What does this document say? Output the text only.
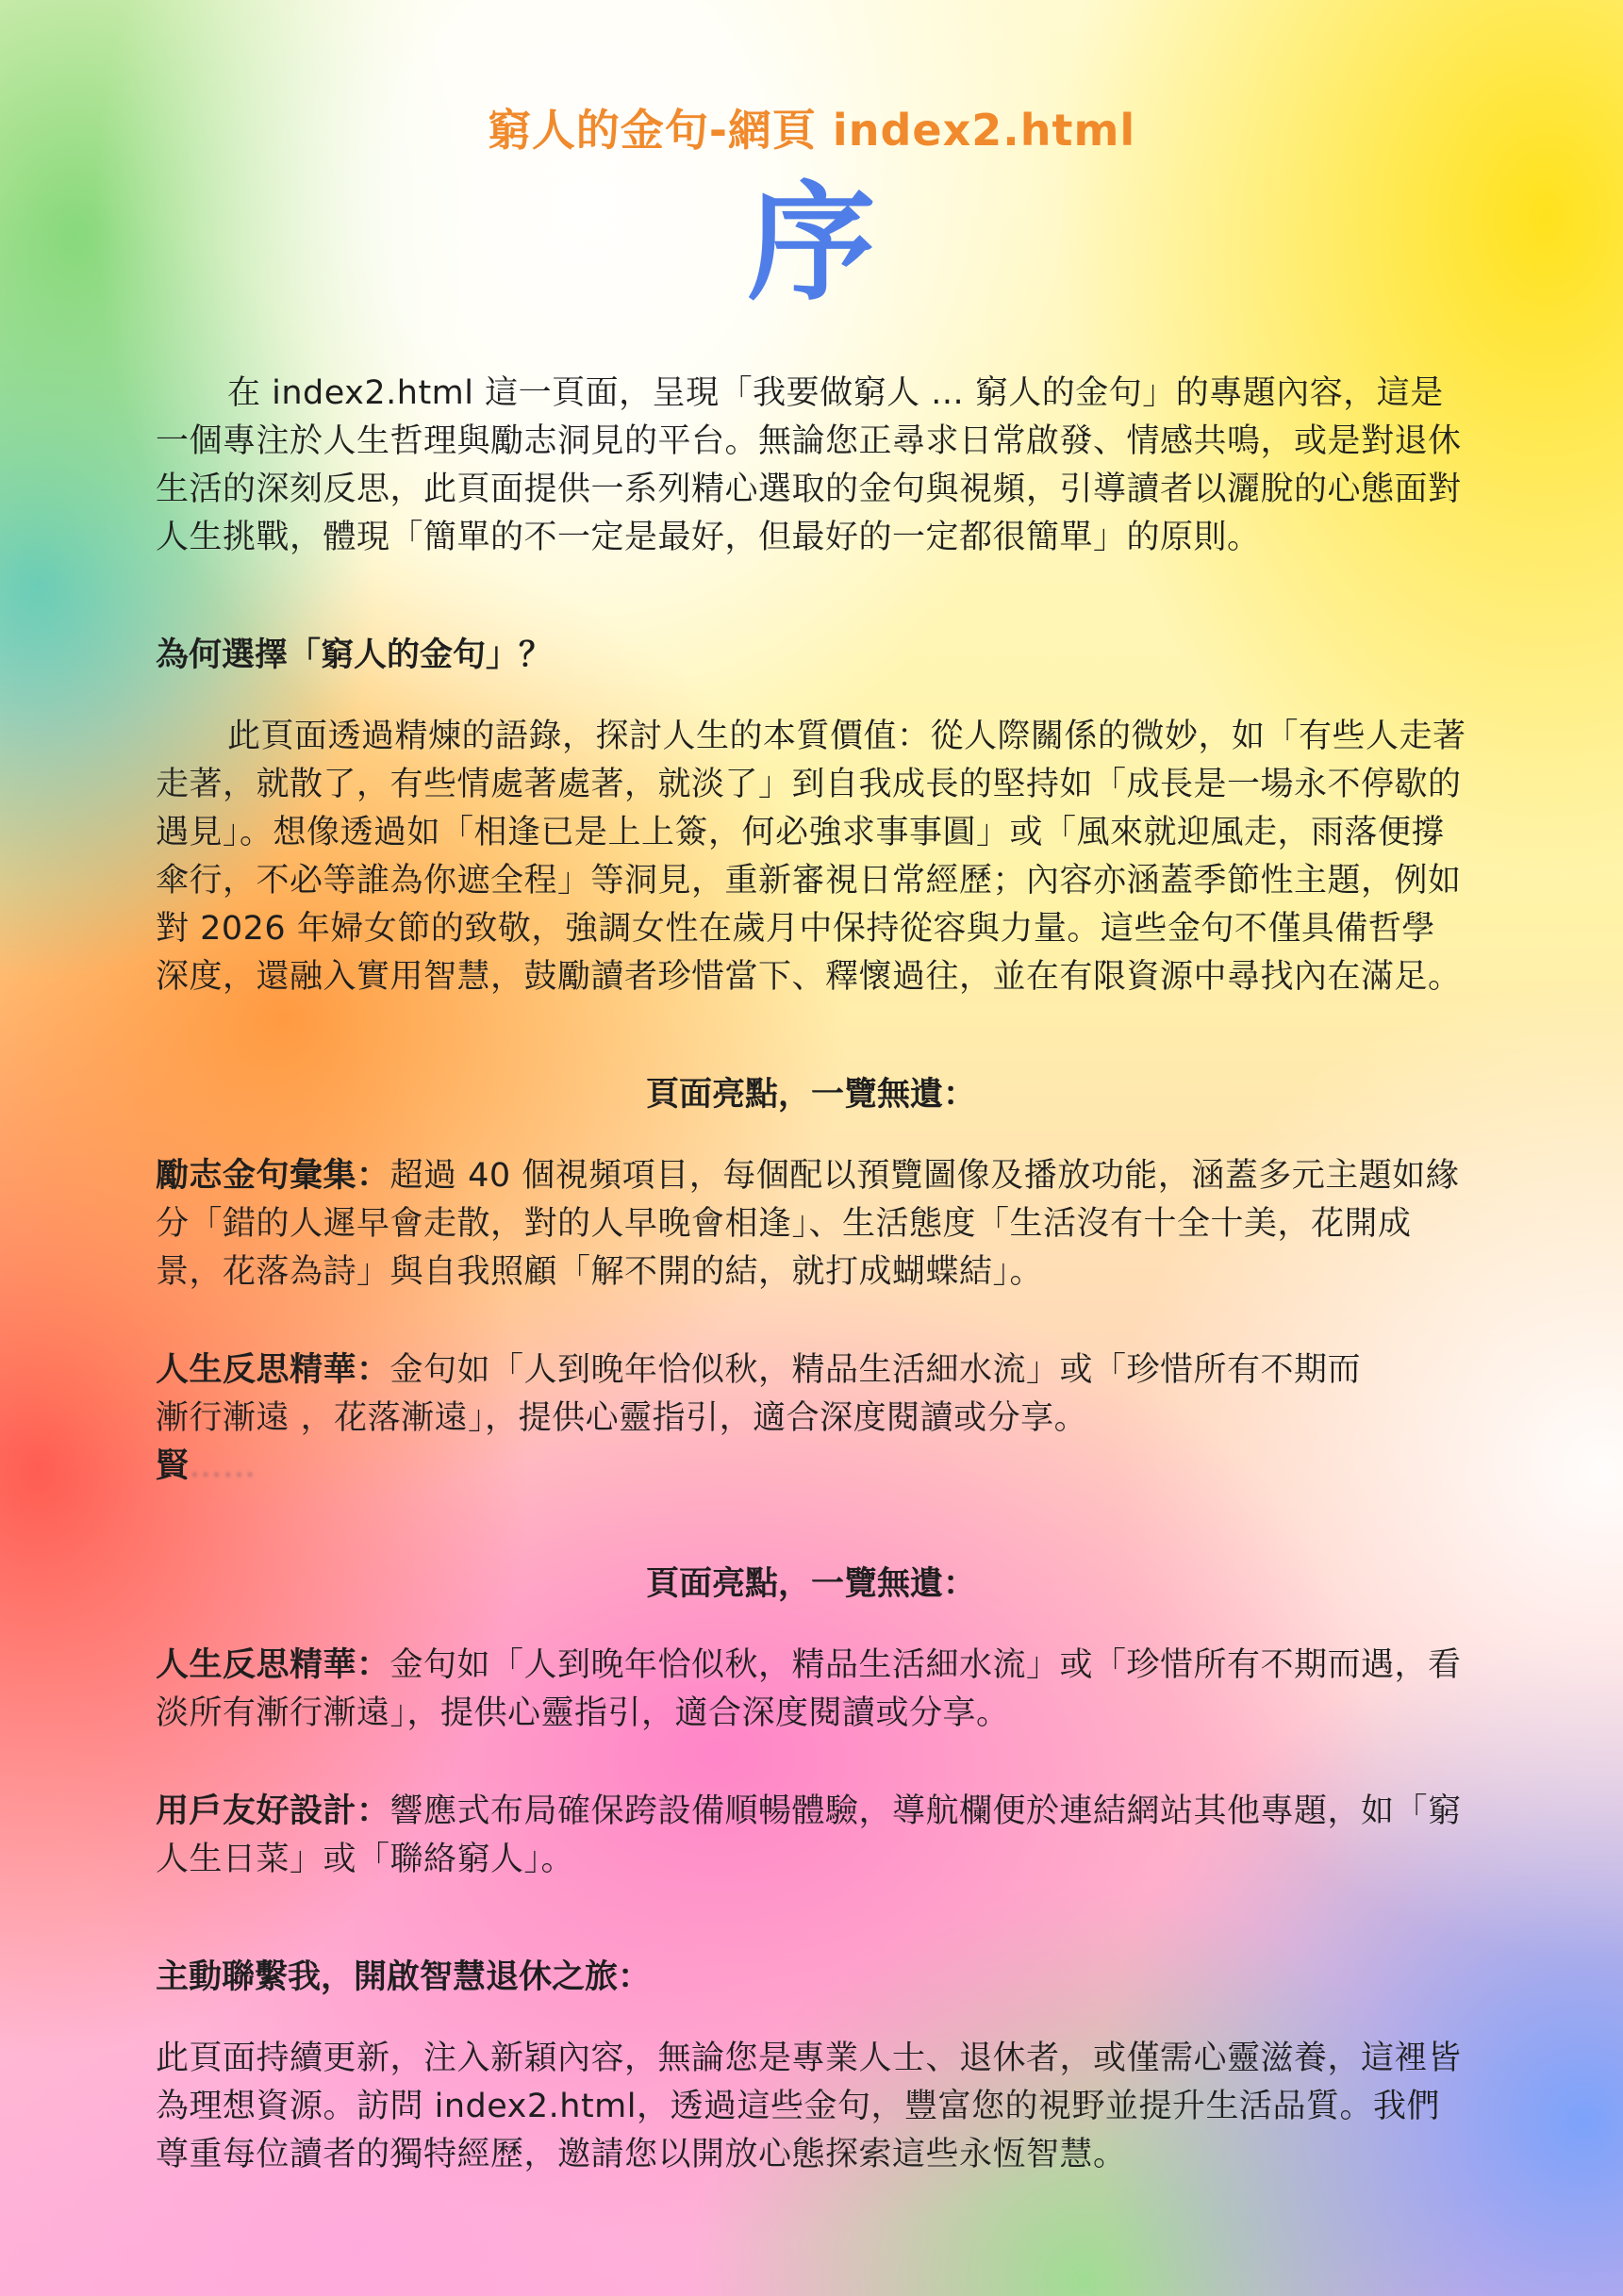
窮人的金句-網頁 index2.html
序

在 index2.html 這一頁面，呈現「我要做窮人 ... 窮人的金句」的專題內容，這是一個專注於人生哲理與勵志洞見的平台。無論您正尋求日常啟發、情感共鳴，或是對退休生活的深刻反思，此頁面提供一系列精心選取的金句與視頻，引導讀者以灑脫的心態面對人生挑戰，體現「簡單的不一定是最好，但最好的一定都很簡單」的原則。

為何選擇「窮人的金句」？

此頁面透過精煉的語錄，探討人生的本質價值：從人際關係的微妙，如「有些人走著走著，就散了，有些情處著處著，就淡了」到自我成長的堅持如「成長是一場永不停歇的遇見」。想像透過如「相逢已是上上簽，何必強求事事圓」或「風來就迎風走，雨落便撐傘行，不必等誰為你遮全程」等洞見，重新審視日常經歷；內容亦涵蓋季節性主題，例如對 2026 年婦女節的致敬，強調女性在歲月中保持從容與力量。這些金句不僅具備哲學深度，還融入實用智慧，鼓勵讀者珍惜當下、釋懷過往，並在有限資源中尋找內在滿足。

頁面亮點，一覽無遺：

勵志金句彙集：超過 40 個視頻項目，每個配以預覽圖像及播放功能，涵蓋多元主題如緣分「錯的人遲早會走散，對的人早晚會相逢」、生活態度「生活沒有十全十美，花開成景，花落為詩」與自我照顧「解不開的結，就打成蝴蝶結」。

人生反思精華：金句如「人到晚年恰似秋，精品生活細水流」或「珍惜所有不期而

漸行漸遠 ，花落漸遠」，提供心靈指引，適合深度閱讀或分享。

賢……

頁面亮點，一覽無遺：

人生反思精華：金句如「人到晚年恰似秋，精品生活細水流」或「珍惜所有不期而遇，看淡所有漸行漸遠」，提供心靈指引，適合深度閱讀或分享。

用戶友好設計：響應式布局確保跨設備順暢體驗，導航欄便於連結網站其他專題，如「窮人生日菜」或「聯絡窮人」。

主動聯繫我，開啟智慧退休之旅：

此頁面持續更新，注入新穎內容，無論您是專業人士、退休者，或僅需心靈滋養，這裡皆為理想資源。訪問 index2.html，透過這些金句，豐富您的視野並提升生活品質。我們尊重每位讀者的獨特經歷，邀請您以開放心態探索這些永恆智慧。
